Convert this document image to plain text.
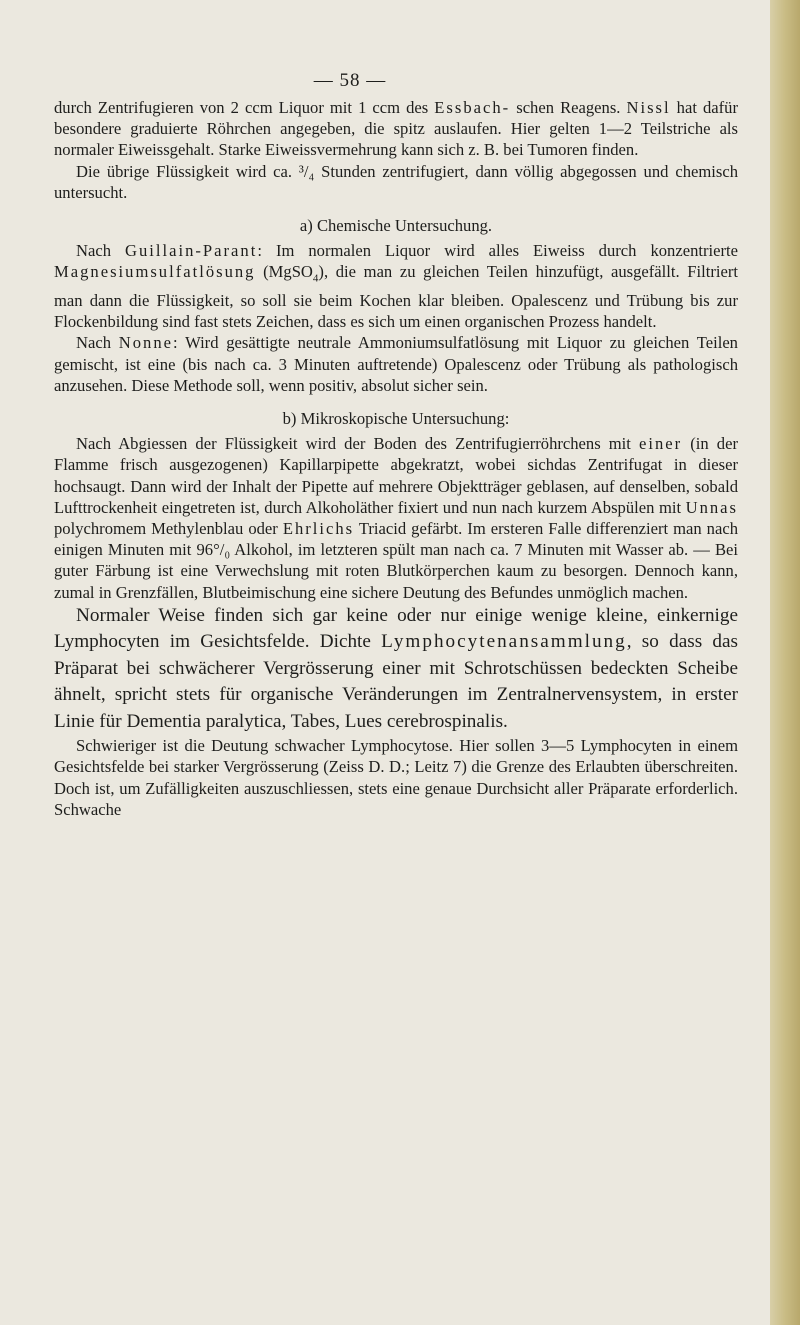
— 58 —

durch Zentrifugieren von 2 ccm Liquor mit 1 ccm des Essbach- schen Reagens. Nissl hat dafür besondere graduierte Röhrchen angegeben, die spitz auslaufen. Hier gelten 1—2 Teilstriche als normaler Eiweissgehalt. Starke Eiweissvermehrung kann sich z. B. bei Tumoren finden.

Die übrige Flüssigkeit wird ca. ³/₄ Stunden zentrifugiert, dann völlig abgegossen und chemisch untersucht.

a) Chemische Untersuchung.

Nach Guillain-Parant: Im normalen Liquor wird alles Eiweiss durch konzentrierte Magnesiumsulfatlösung (MgSO$_4$), die man zu gleichen Teilen hinzufügt, ausgefällt. Filtriert man dann die Flüssigkeit, so soll sie beim Kochen klar bleiben. Opalescenz und Trübung bis zur Flockenbildung sind fast stets Zeichen, dass es sich um einen organischen Prozess handelt.

Nach Nonne: Wird gesättigte neutrale Ammoniumsulfatlösung mit Liquor zu gleichen Teilen gemischt, ist eine (bis nach ca. 3 Minuten auftretende) Opalescenz oder Trübung als pathologisch anzusehen. Diese Methode soll, wenn positiv, absolut sicher sein.

b) Mikroskopische Untersuchung:

Nach Abgiessen der Flüssigkeit wird der Boden des Zentrifugierröhrchens mit einer (in der Flamme frisch ausgezogenen) Kapillarpipette abgekratzt, wobei sichdas Zentrifugat in dieser hochsaugt. Dann wird der Inhalt der Pipette auf mehrere Objektträger geblasen, auf denselben, sobald Lufttrockenheit eingetreten ist, durch Alkoholäther fixiert und nun nach kurzem Abspülen mit Unnas polychromem Methylenblau oder Ehrlichs Triacid gefärbt. Im ersteren Falle differenziert man nach einigen Minuten mit 96°/₀ Alkohol, im letzteren spült man nach ca. 7 Minuten mit Wasser ab. — Bei guter Färbung ist eine Verwechslung mit roten Blutkörperchen kaum zu besorgen. Dennoch kann, zumal in Grenzfällen, Blutbeimischung eine sichere Deutung des Befundes unmöglich machen.

Normaler Weise finden sich gar keine oder nur einige wenige kleine, einkernige Lymphocyten im Gesichtsfelde. Dichte Lymphocytenansammlung, so dass das Präparat bei schwächerer Vergrösserung einer mit Schrotschüssen bedeckten Scheibe ähnelt, spricht stets für organische Veränderungen im Zentralnervensystem, in erster Linie für Dementia paralytica, Tabes, Lues cerebrospinalis.

Schwieriger ist die Deutung schwacher Lymphocytose. Hier sollen 3—5 Lymphocyten in einem Gesichtsfelde bei starker Vergrösserung (Zeiss D. D.; Leitz 7) die Grenze des Erlaubten überschreiten. Doch ist, um Zufälligkeiten auszuschliessen, stets eine genaue Durchsicht aller Präparate erforderlich. Schwache
